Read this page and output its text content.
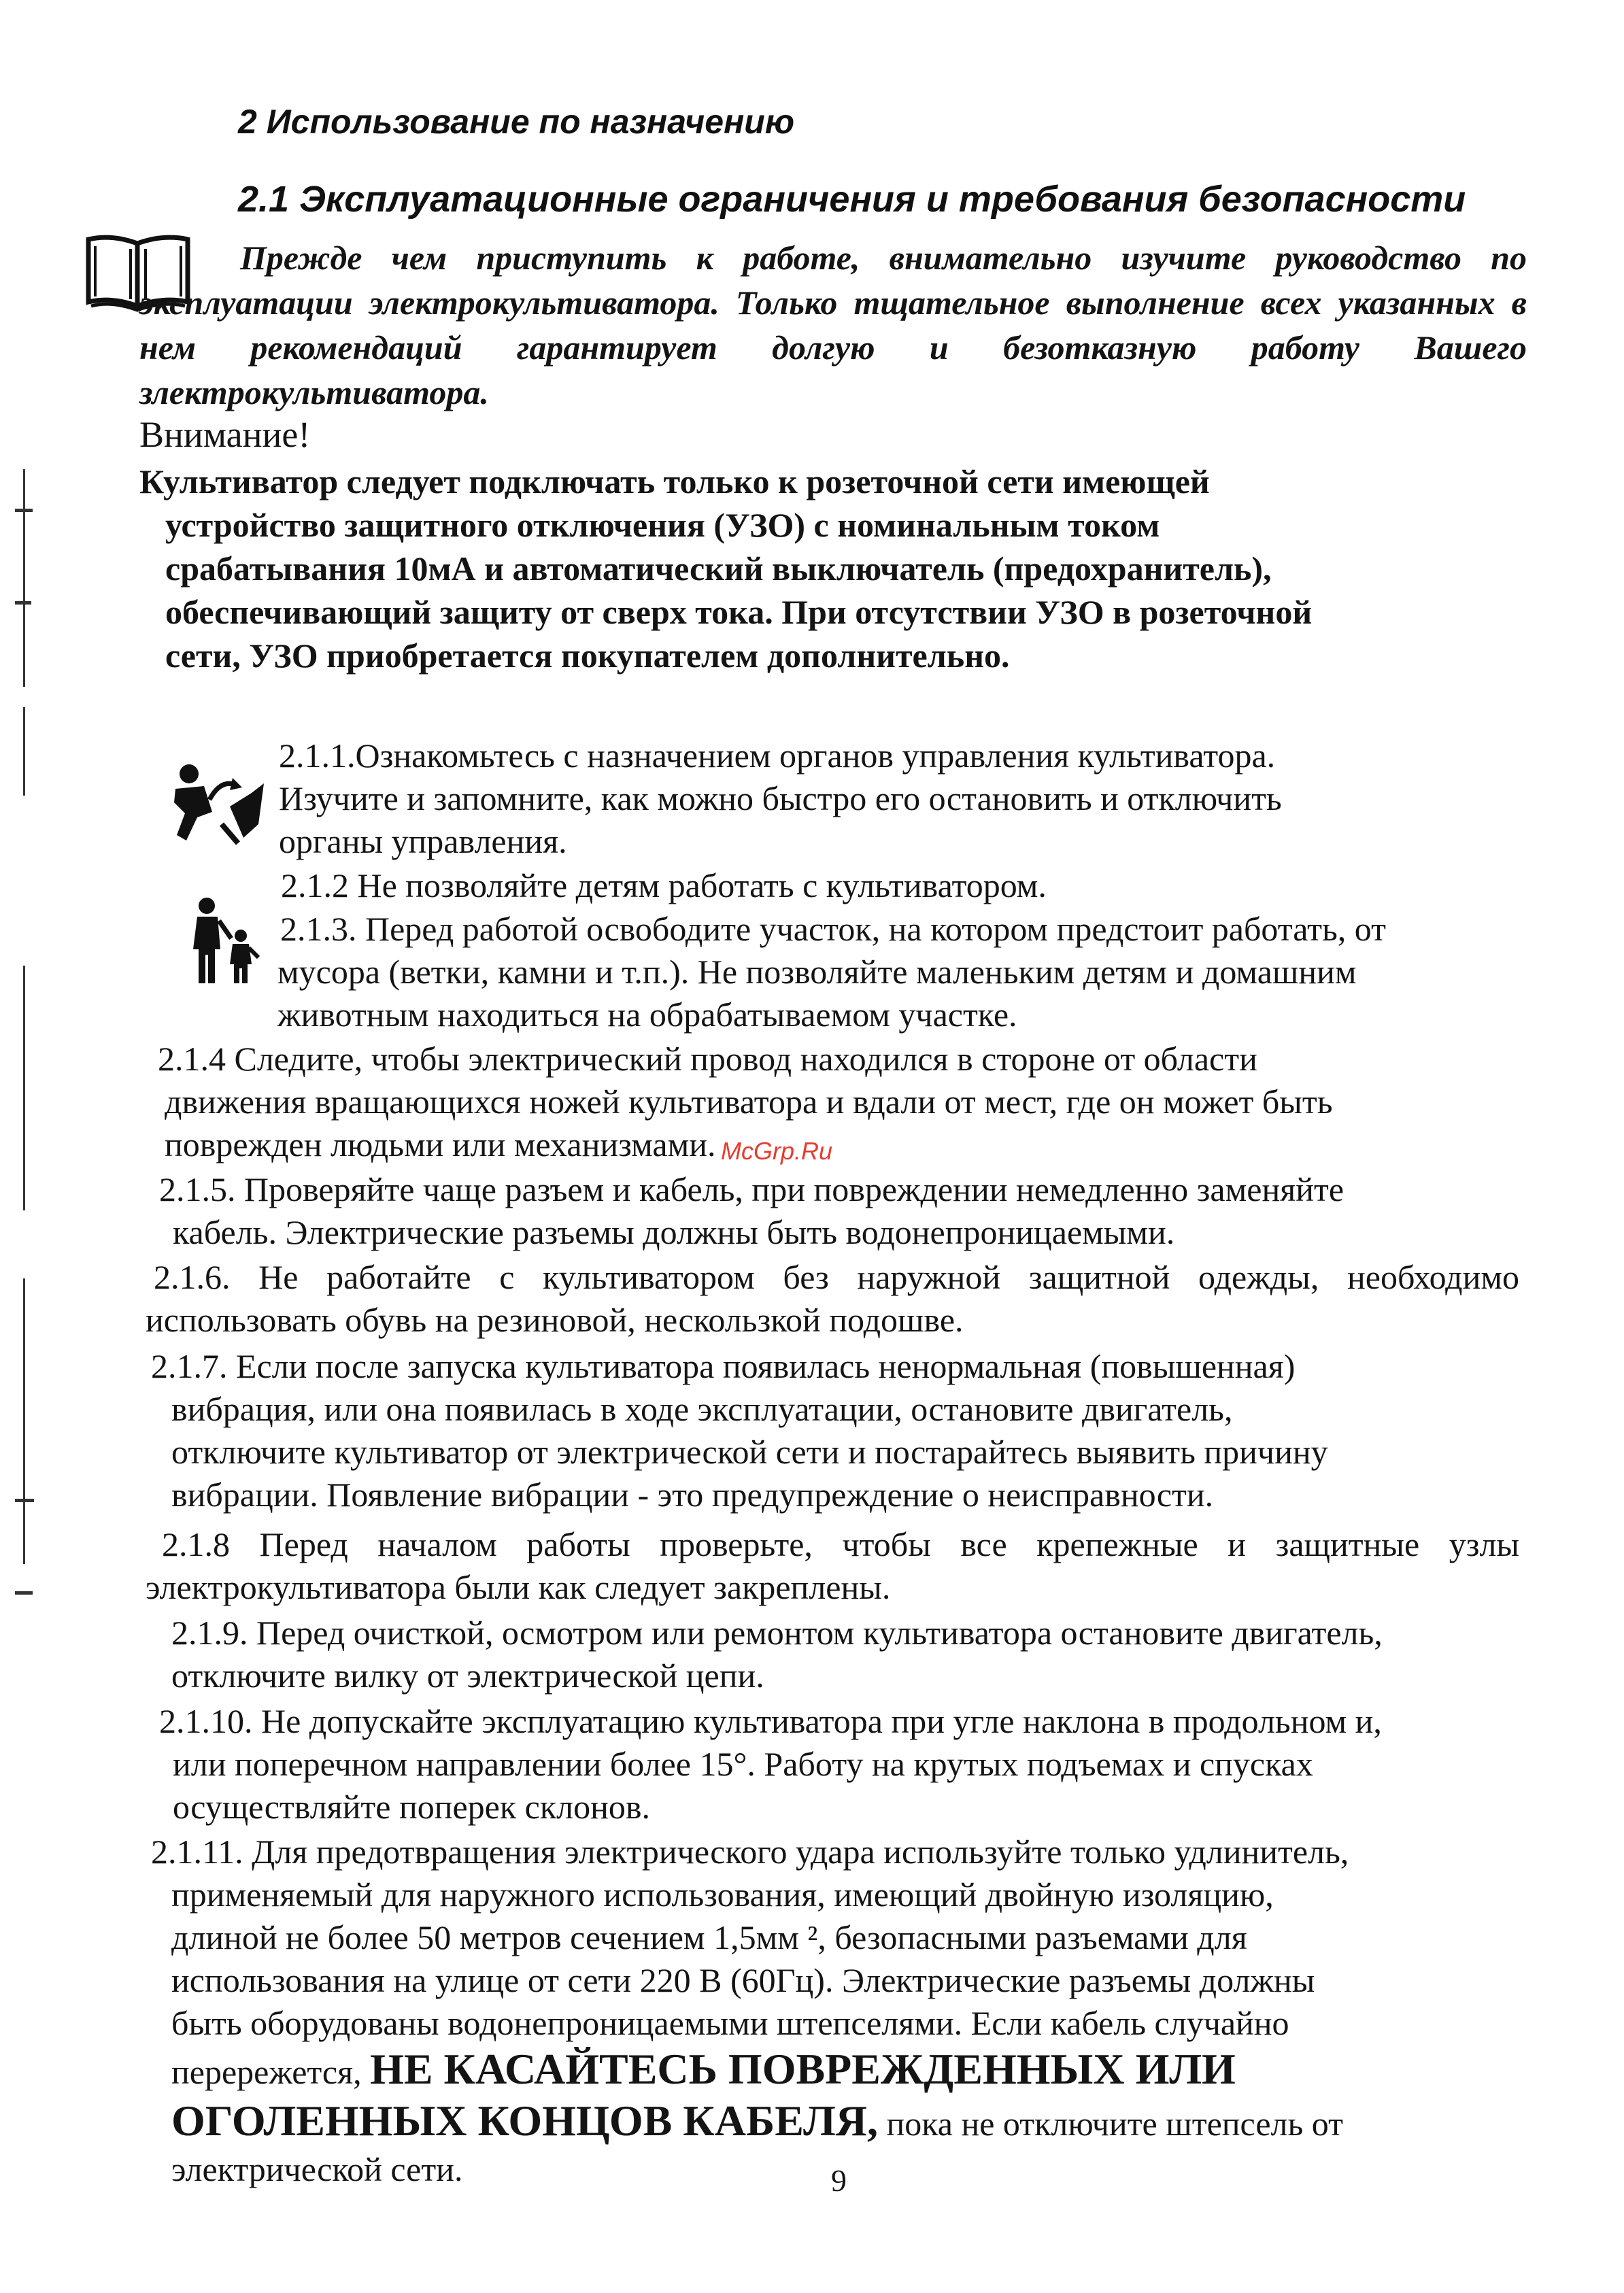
2 Использование по назначению
2.1 Эксплуатационные ограничения и требования безопасности

Прежде чем приступить к работе, внимательно изучите руководство по эксплуатации электрокультиватора. Только тщательное выполнение всех указанных в нем рекомендаций гарантирует долгую и безотказную работу Вашего злектрокультиватора.

Внимание!
Культиватор следует подключать только к розеточной сети имеющей
устройство защитного отключения (УЗО) с номинальным током
срабатывания 10мА и автоматический выключатель (предохранитель),
обеспечивающий защиту от сверх тока. При отсутствии УЗО в розеточной
сети, УЗО приобретается покупателем дополнительно.
2.1.1.Ознакомьтесь с назначением органов управления культиватора.
Изучите и запомните, как можно быстро его остановить и отключить
органы управления.
2.1.2 Не позволяйте детям работать с культиватором.
2.1.3. Перед работой освободите участок, на котором предстоит работать, от
мусора (ветки, камни и т.п.). Не позволяйте маленьким детям и домашним
животным находиться на обрабатываемом участке.
2.1.4 Следите, чтобы электрический провод находился в стороне от области
движения вращающихся ножей культиватора и вдали от мест, где он может быть
поврежден людьми или механизмами. McGrp.Ru
2.1.5. Проверяйте чаще разъем и кабель, при повреждении немедленно заменяйте
кабель. Электрические разъемы должны быть водонепроницаемыми.
2.1.6. Не работайте с культиватором без наружной защитной одежды, необходимо
использовать обувь на резиновой, нескользкой подошве.
2.1.7. Если после запуска культиватора появилась ненормальная (повышенная)
вибрация, или она появилась в ходе эксплуатации, остановите двигатель,
отключите культиватор от электрической сети и постарайтесь выявить причину
вибрации. Появление вибрации - это предупреждение о неисправности.
2.1.8 Перед началом работы проверьте, чтобы все крепежные и защитные узлы
электрокультиватора были как следует закреплены.
2.1.9. Перед очисткой, осмотром или ремонтом культиватора остановите двигатель,
отключите вилку от электрической цепи.
2.1.10. Не допускайте эксплуатацию культиватора при угле наклона в продольном и,
или поперечном направлении более 15°. Работу на крутых подъемах и спусках
осуществляйте поперек склонов.
2.1.11. Для предотвращения электрического удара используйте только удлинитель,
применяемый для наружного использования, имеющий двойную изоляцию,
длиной не более 50 метров сечением 1,5мм ², безопасными разъемами для
использования на улице от сети 220 В (60Гц). Электрические разъемы должны
быть оборудованы водонепроницаемыми штепселями. Если кабель случайно
перережется, НЕ КАСАЙТЕСЬ ПОВРЕЖДЕННЫХ ИЛИ
ОГОЛЕННЫХ КОНЦОВ КАБЕЛЯ, пока не отключите штепсель от
электрической сети.	9
